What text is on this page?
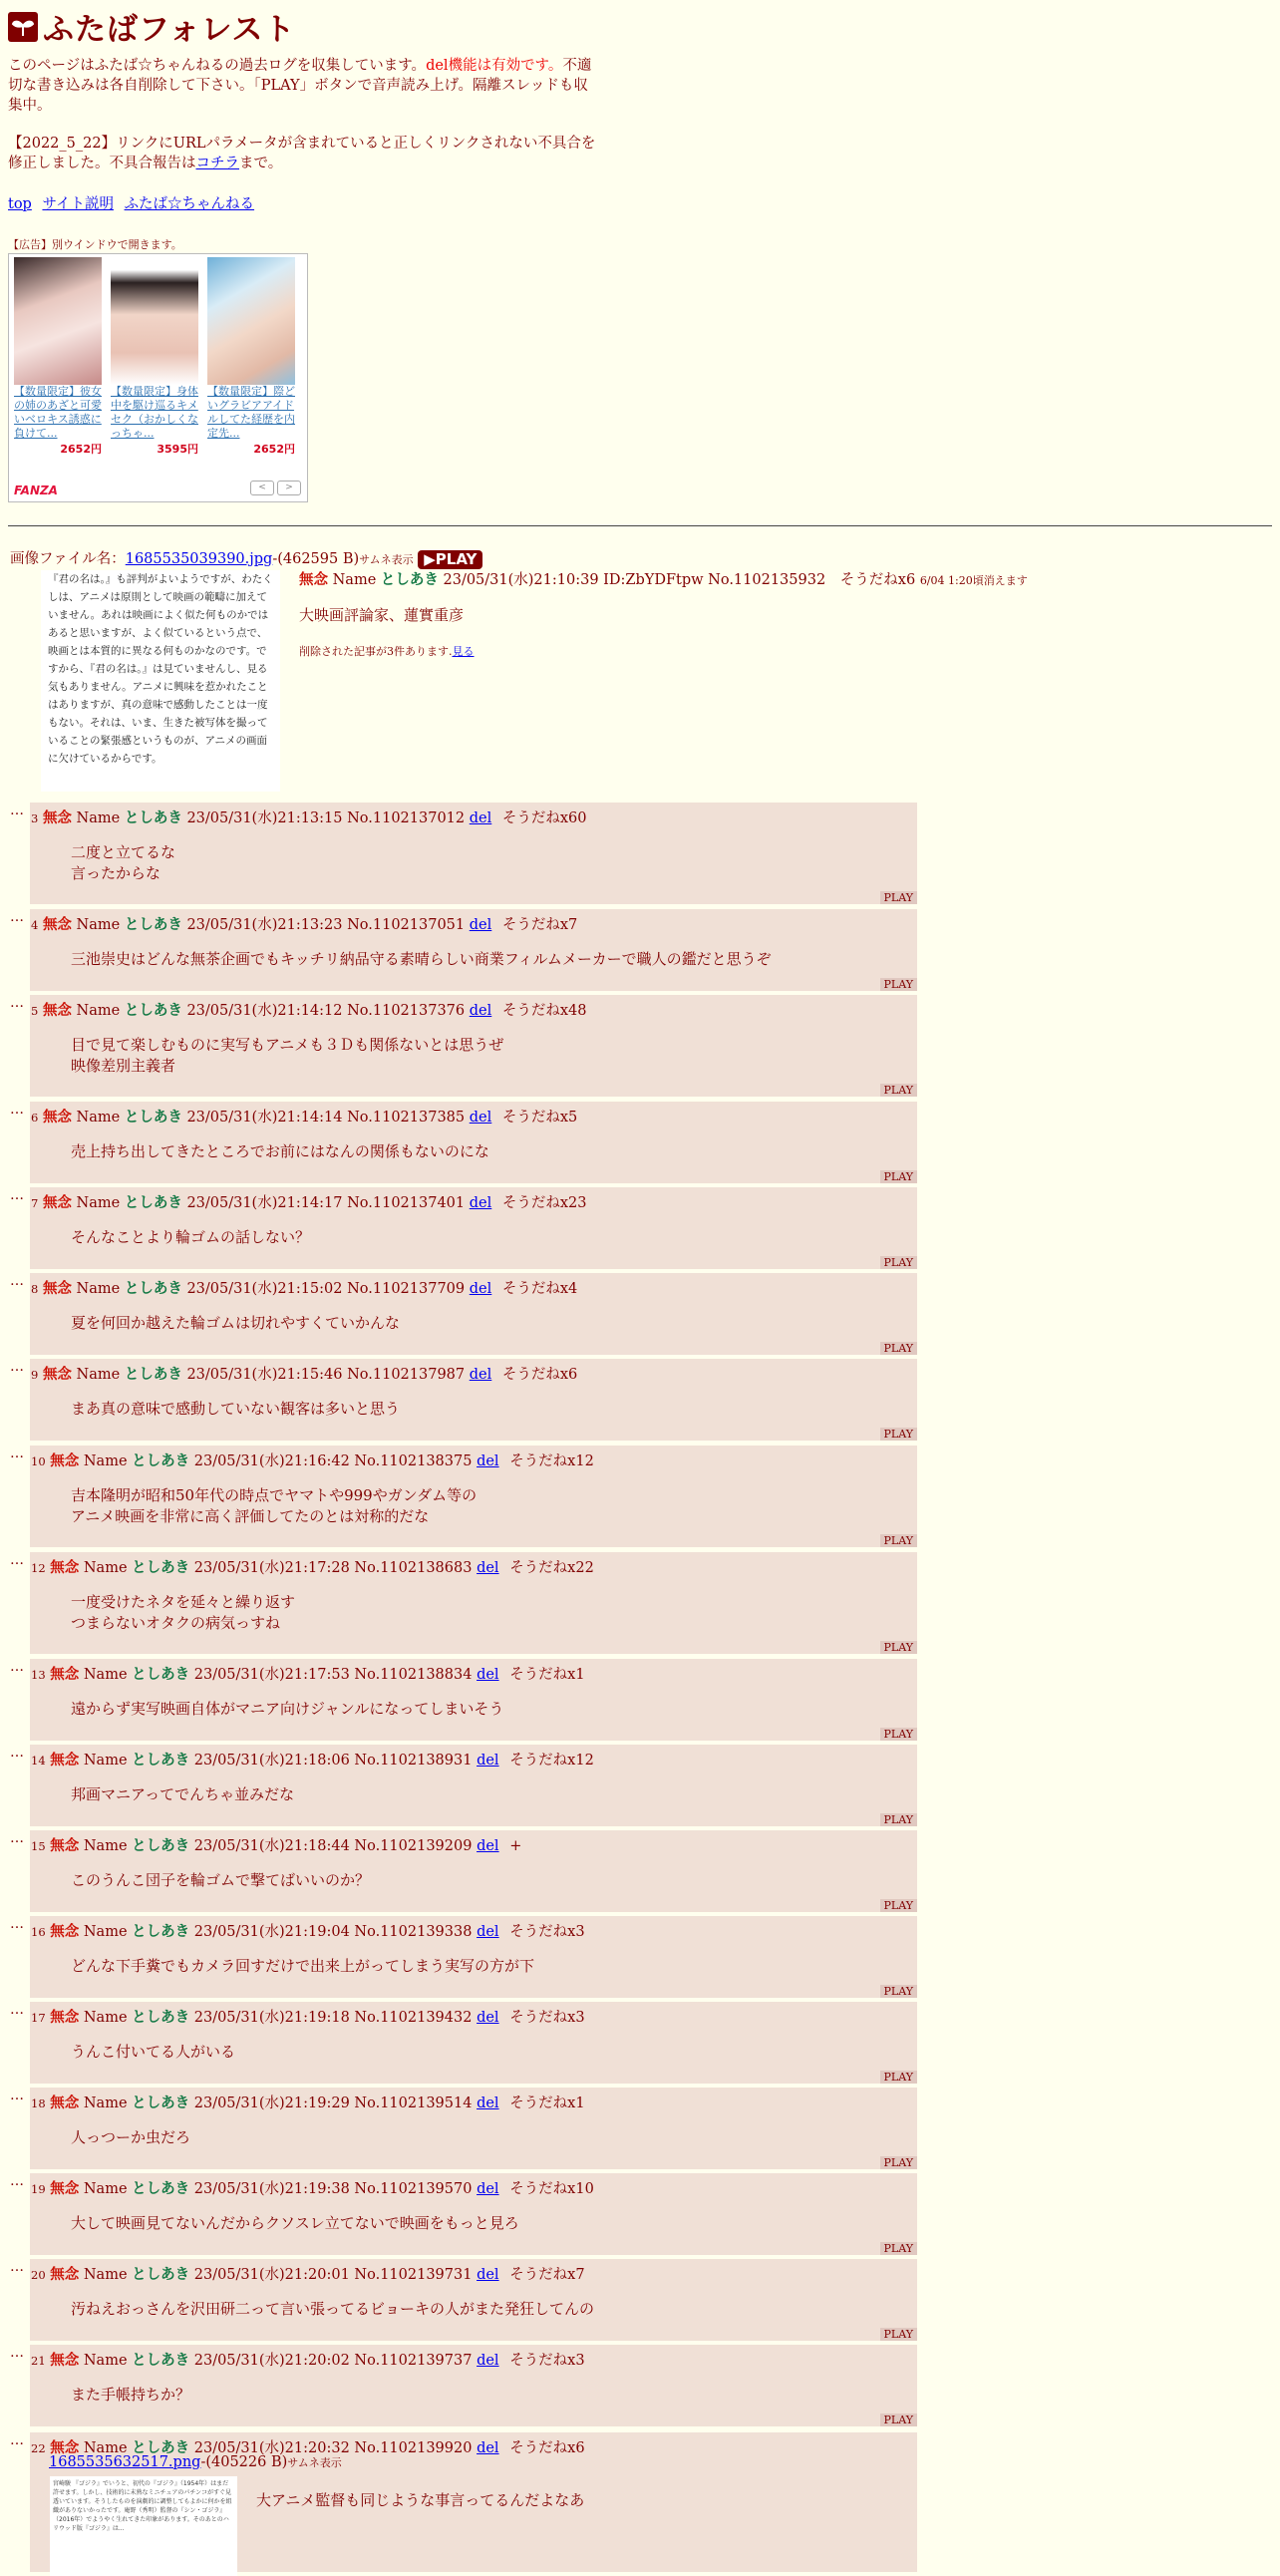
ふたばフォレスト
このページはふたば☆ちゃんねるの過去ログを収集しています。del機能は有効です。不適切な書き込みは各自削除して下さい。「PLAY」ボタンで音声読み上げ。隔離スレッドも収集中。
【2022_5_22】リンクにURLパラメータが含まれていると正しくリンクされない不具合を修正しました。不具合報告はコチラまで。
top サイト説明 ふたば☆ちゃんねる
【広告】別ウインドウで開きます。
【数量限定】彼女の姉のあざと可愛いベロキス誘惑に負けて...
2652円
【数量限定】身体中を駆け巡るキメセク（おかしくなっちゃ...
3595円
【数量限定】際どいグラビアアイドルしてた経歴を内定先...
2652円
FANZA	<	>
画像ファイル名：1685535039390.jpg-(462595 B)サムネ表示 ▶PLAY
『君の名は。』も評判がよいようですが、わたくしは、アニメは原則として映画の範疇に加えていません。あれは映画によく似た何ものかではあると思いますが、よく似ているという点で、映画とは本質的に異なる何ものかなのです。ですから、『君の名は。』は見ていませんし、見る気もありません。アニメに興味を惹かれたことはありますが、真の意味で感動したことは一度もない。それは、いま、生きた被写体を撮っていることの緊張感というものが、アニメの画面に欠けているからです。
無念 Name としあき 23/05/31(水)21:10:39 ID:ZbYDFtpw No.1102135932 そうだねx6 6/04 1:20頃消えます
大映画評論家、蓮實重彦
削除された記事が3件あります.見る
… 3 無念 Name としあき 23/05/31(水)21:13:15 No.1102137012 del そうだねx60
二度と立てるな
言ったからな
PLAY
… 4 無念 Name としあき 23/05/31(水)21:13:23 No.1102137051 del そうだねx7
三池崇史はどんな無茶企画でもキッチリ納品守る素晴らしい商業フィルムメーカーで職人の鑑だと思うぞ
PLAY
… 5 無念 Name としあき 23/05/31(水)21:14:12 No.1102137376 del そうだねx48
目で見て楽しむものに実写もアニメも３Ｄも関係ないとは思うぜ
映像差別主義者
PLAY
… 6 無念 Name としあき 23/05/31(水)21:14:14 No.1102137385 del そうだねx5
売上持ち出してきたところでお前にはなんの関係もないのにな
PLAY
… 7 無念 Name としあき 23/05/31(水)21:14:17 No.1102137401 del そうだねx23
そんなことより輪ゴムの話しない？
PLAY
… 8 無念 Name としあき 23/05/31(水)21:15:02 No.1102137709 del そうだねx4
夏を何回か越えた輪ゴムは切れやすくていかんな
PLAY
… 9 無念 Name としあき 23/05/31(水)21:15:46 No.1102137987 del そうだねx6
まあ真の意味で感動していない観客は多いと思う
PLAY
… 10 無念 Name としあき 23/05/31(水)21:16:42 No.1102138375 del そうだねx12
吉本隆明が昭和50年代の時点でヤマトや999やガンダム等の
アニメ映画を非常に高く評価してたのとは対称的だな
PLAY
… 12 無念 Name としあき 23/05/31(水)21:17:28 No.1102138683 del そうだねx22
一度受けたネタを延々と繰り返す
つまらないオタクの病気っすね
PLAY
… 13 無念 Name としあき 23/05/31(水)21:17:53 No.1102138834 del そうだねx1
遠からず実写映画自体がマニア向けジャンルになってしまいそう
PLAY
… 14 無念 Name としあき 23/05/31(水)21:18:06 No.1102138931 del そうだねx12
邦画マニアってでんちゃ並みだな
PLAY
… 15 無念 Name としあき 23/05/31(水)21:18:44 No.1102139209 del +
このうんこ団子を輪ゴムで撃てばいいのか？
PLAY
… 16 無念 Name としあき 23/05/31(水)21:19:04 No.1102139338 del そうだねx3
どんな下手糞でもカメラ回すだけで出来上がってしまう実写の方が下
PLAY
… 17 無念 Name としあき 23/05/31(水)21:19:18 No.1102139432 del そうだねx3
うんこ付いてる人がいる
PLAY
… 18 無念 Name としあき 23/05/31(水)21:19:29 No.1102139514 del そうだねx1
人っつーか虫だろ
PLAY
… 19 無念 Name としあき 23/05/31(水)21:19:38 No.1102139570 del そうだねx10
大して映画見てないんだからクソスレ立てないで映画をもっと見ろ
PLAY
… 20 無念 Name としあき 23/05/31(水)21:20:01 No.1102139731 del そうだねx7
汚ねえおっさんを沢田研二って言い張ってるビョーキの人がまた発狂してんの
PLAY
… 21 無念 Name としあき 23/05/31(水)21:20:02 No.1102139737 del そうだねx3
また手帳持ちか？
PLAY
… 22 無念 Name としあき 23/05/31(水)21:20:32 No.1102139920 del そうだねx6
1685535632517.png-(405226 B)サムネ表示
宮崎駿 『ゴジラ』でいうと、初代の『ゴジラ』（1954年）はまだ許せます。しかし、技術的に未熟なミニチュアのパチンコがすぐ見透いています。そうしたものを演劇的に調整してもよかに何かを組織がありないかったです。庵野（秀明）監督の『シン・ゴジラ』（2016年）でようやく生れてきた印象があります。そのあとのハリウッド版『ゴジラ』は...
大アニメ監督も同じような事言ってるんだよなあ
